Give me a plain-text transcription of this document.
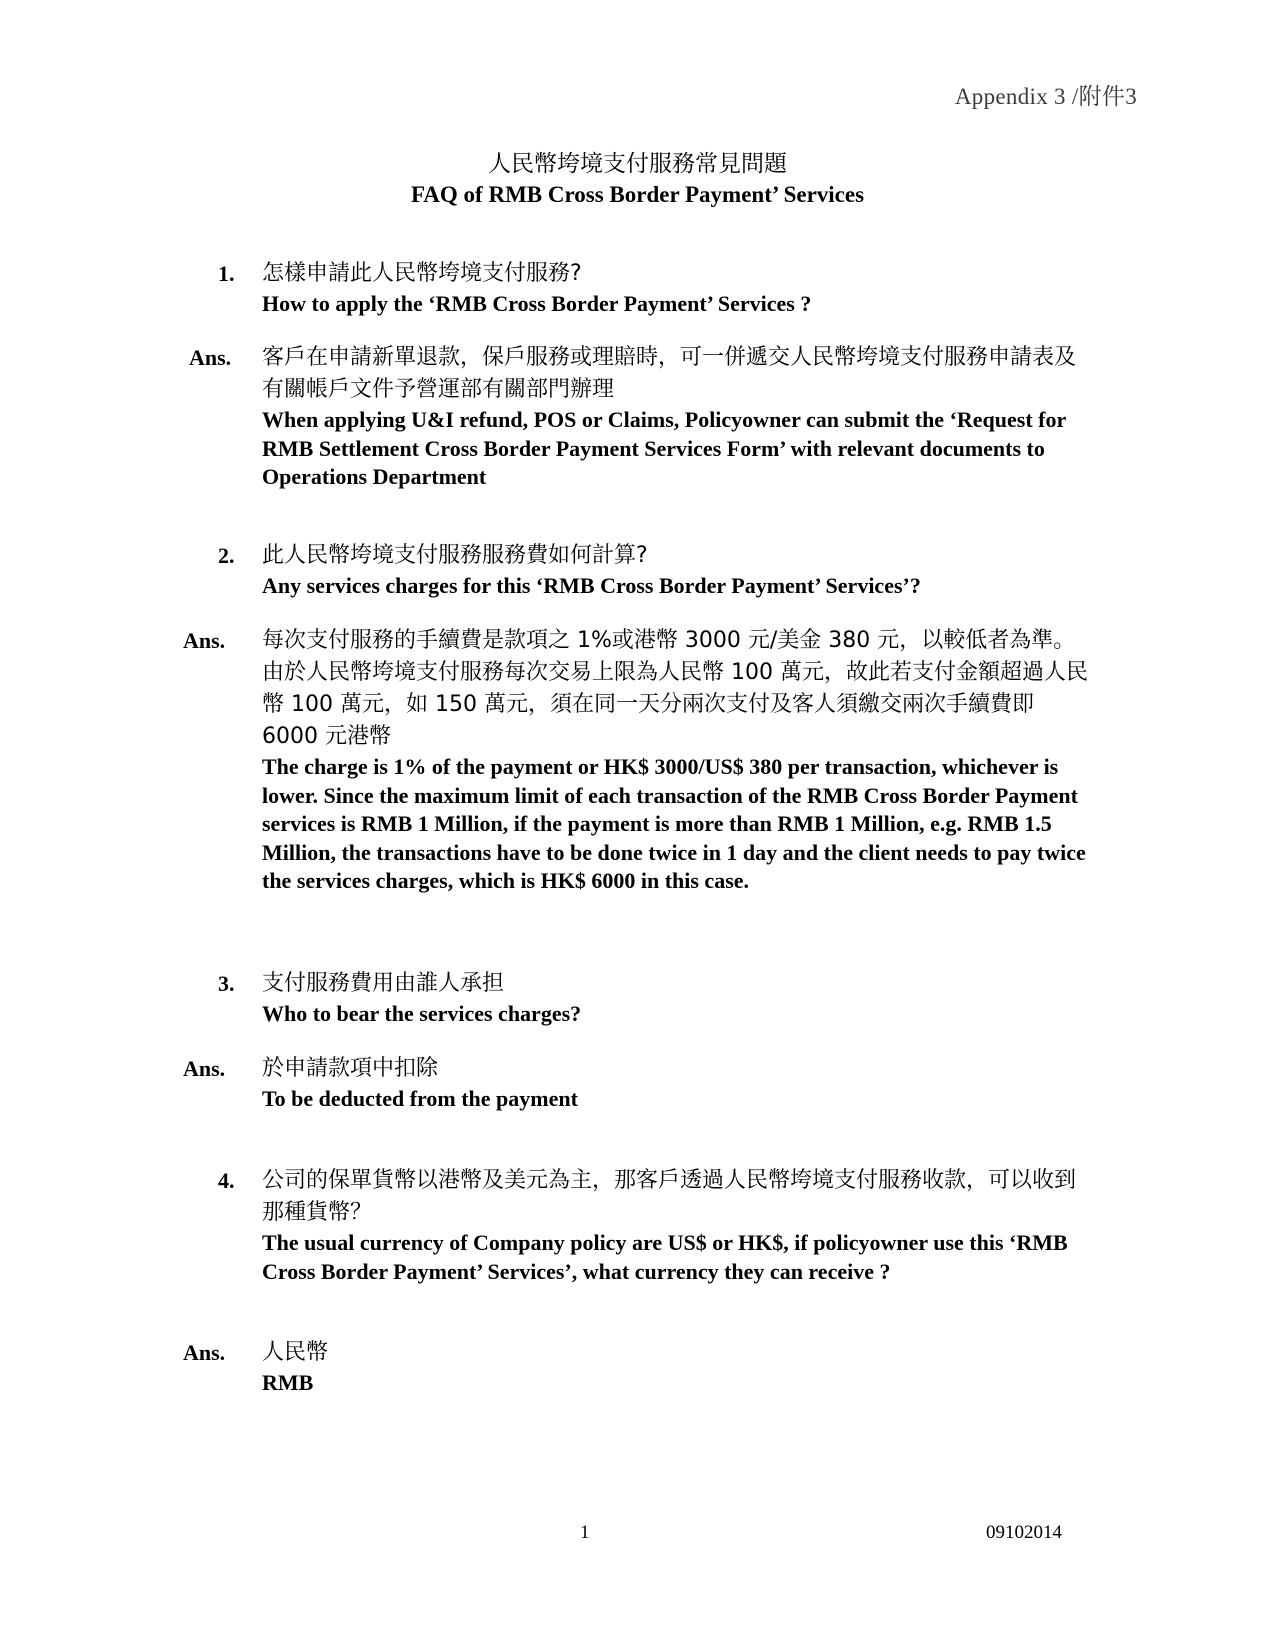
Appendix 3 /附件3
人民幣垮境支付服務常見問題
FAQ of RMB Cross Border Payment’ Services
1. 怎樣申請此人民幣垮境支付服務?

How to apply the ‘RMB Cross Border Payment’ Services ?

Ans. 客戶在申請新單退款，保戶服務或理賠時，可一併遞交人民幣垮境支付服務申請表及有關帳戶文件予營運部有關部門辦理

When applying U&I refund, POS or Claims, Policyowner can submit the ‘Request for RMB Settlement Cross Border Payment Services Form’ with relevant documents to Operations Department

2. 此人民幣垮境支付服務服務費如何計算?

Any services charges for this ‘RMB Cross Border Payment’ Services’?

Ans. 每次支付服務的手續費是款項之 1%或港幣 3000 元/美金 380 元，以較低者為準。由於人民幣垮境支付服務每次交易上限為人民幣 100 萬元，故此若支付金額超過人民幣 100 萬元，如 150 萬元，須在同一天分兩次支付及客人須繳交兩次手續費即 6000 元港幣

The charge is 1% of the payment or HK$ 3000/US$ 380 per transaction, whichever is lower. Since the maximum limit of each transaction of the RMB Cross Border Payment services is RMB 1 Million, if the payment is more than RMB 1 Million, e.g. RMB 1.5 Million, the transactions have to be done twice in 1 day and the client needs to pay twice the services charges, which is HK$ 6000 in this case.

3. 支付服務費用由誰人承担

Who to bear the services charges?

Ans. 於申請款項中扣除

To be deducted from the payment

4. 公司的保單貨幣以港幣及美元為主，那客戶透過人民幣垮境支付服務收款，可以收到那種貨幣？

The usual currency of Company policy are US$ or HK$, if policyowner use this ‘RMB Cross Border Payment’ Services’, what currency they can receive ?

Ans. 人民幣

RMB

1	09102014
